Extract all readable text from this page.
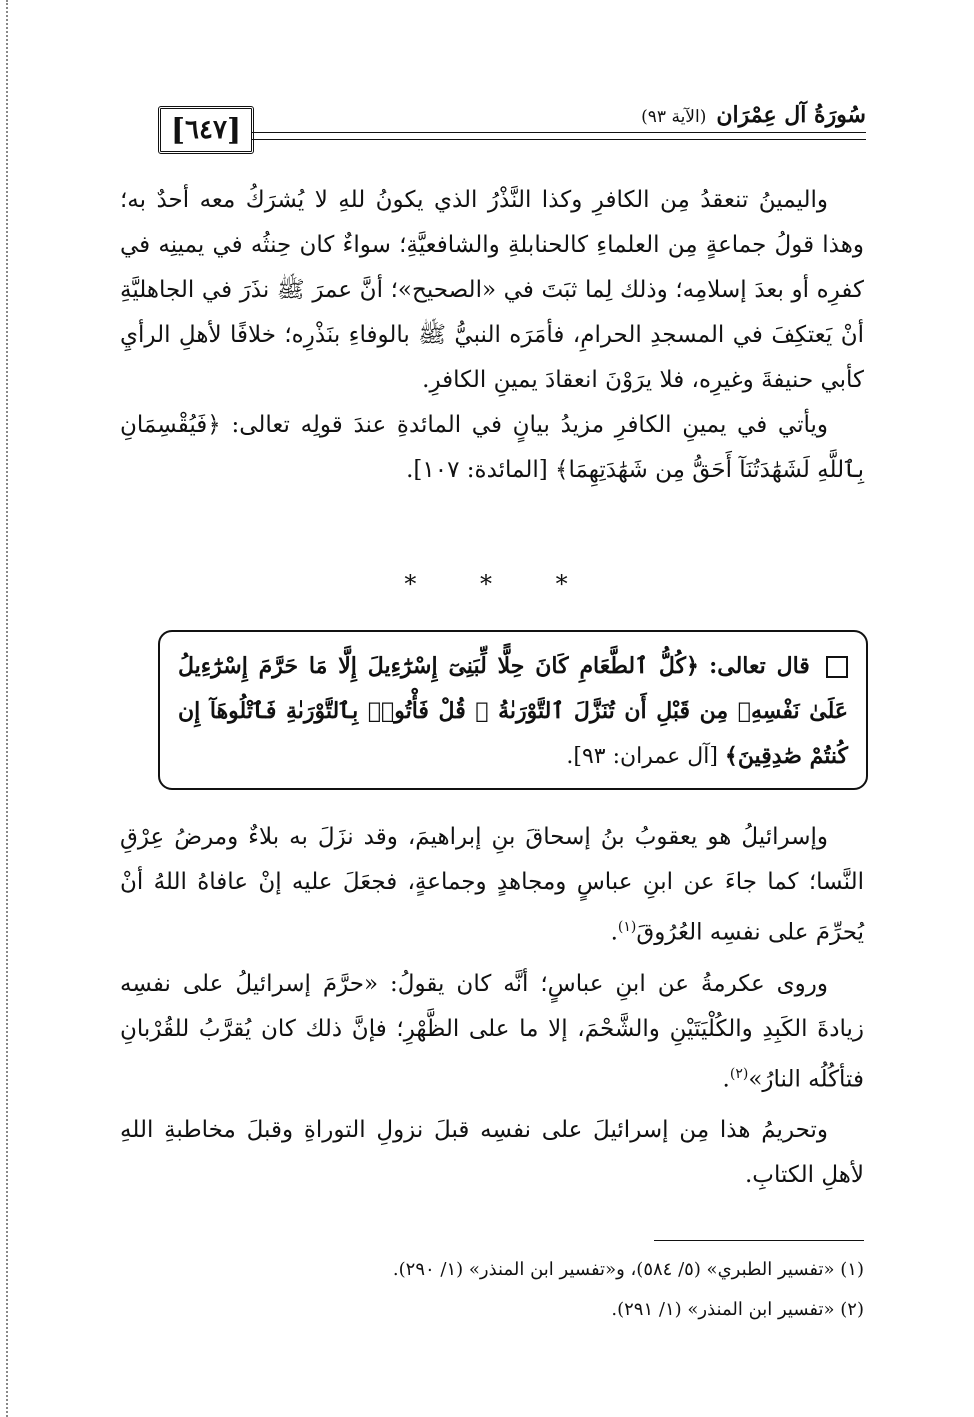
[ ٦٤٧ ]	سُورَةُ آل عِمْرَان
(الآية ٩٣)

واليمينُ تنعقدُ مِن الكافرِ وكذا النَّذْرُ الذي يكونُ للهِ لا يُشرَكُ معه أحدٌ به؛ وهذا قولُ جماعةٍ مِن العلماءِ كالحنابلةِ والشافعيَّةِ؛ سواءٌ كان حِنثُه في يمينِه في كفرِه أو بعدَ إسلامِه؛ وذلك لِما ثبَتَ في «الصحيح»؛ أنَّ عمرَ ﷺ نذَرَ في الجاهليَّةِ أنْ يَعتكِفَ في المسجدِ الحرامِ، فأمَرَه النبيُّ ﷺ بالوفاءِ بنَذْرِه؛ خلافًا لأهلِ الرأيِ كأبي حنيفةَ وغيرِه، فلا يرَوْنَ انعقادَ يمينِ الكافرِ.

ويأتي في يمينِ الكافرِ مزيدُ بيانٍ في المائدةِ عندَ قولِه تعالى: ﴿فَيُقْسِمَانِ بِٱللَّهِ لَشَهَٰدَتُنَآ أَحَقُّ مِن شَهَٰدَتِهِمَا﴾ [المائدة: ١٠٧].

* * *

قال تعالى: ﴿كُلُّ ٱلطَّعَامِ كَانَ حِلًّا لِّبَنِىٓ إِسْرَٰٓءِيلَ إِلَّا مَا حَرَّمَ إِسْرَٰٓءِيلُ عَلَىٰ نَفْسِهِۦ مِن قَبْلِ أَن تُنَزَّلَ ٱلتَّوْرَىٰةُ ۗ قُلْ فَأْتُوا۟ بِٱلتَّوْرَىٰةِ فَٱتْلُوهَآ إِن كُنتُمْ صَٰدِقِينَ﴾ [آل عمران: ٩٣].

وإسرائيلُ هو يعقوبُ بنُ إسحاقَ بنِ إبراهيمَ، وقد نزَلَ به بلاءٌ ومرضُ عِرْقِ النَّسا؛ كما جاءَ عن ابنِ عباسٍ ومجاهدٍ وجماعةٍ، فجعَلَ عليه إنْ عافاهُ اللهُ أنْ يُحرِّمَ على نفسِه العُرُوقَ$^{(١)}$.

وروى عكرمةُ عن ابنِ عباسٍ؛ أنَّه كان يقولُ: «حرَّمَ إسرائيلُ على نفسِه زيادةَ الكَبِدِ والكُلْيَتَيْنِ والشَّحْمَ، إلا ما على الظَّهْرِ؛ فإنَّ ذلك كان يُقرَّبُ للقُرْبانِ فتأكُلُه النارُ»$^{(٢)}$.

وتحريمُ هذا مِن إسرائيلَ على نفسِه قبلَ نزولِ التوراةِ وقبلَ مخاطبةِ اللهِ لأهلِ الكتابِ.

(١) «تفسير الطبري» (٥/ ٥٨٤)، و«تفسير ابن المنذر» (١/ ٢٩٠).

(٢) «تفسير ابن المنذر» (١/ ٢٩١).
